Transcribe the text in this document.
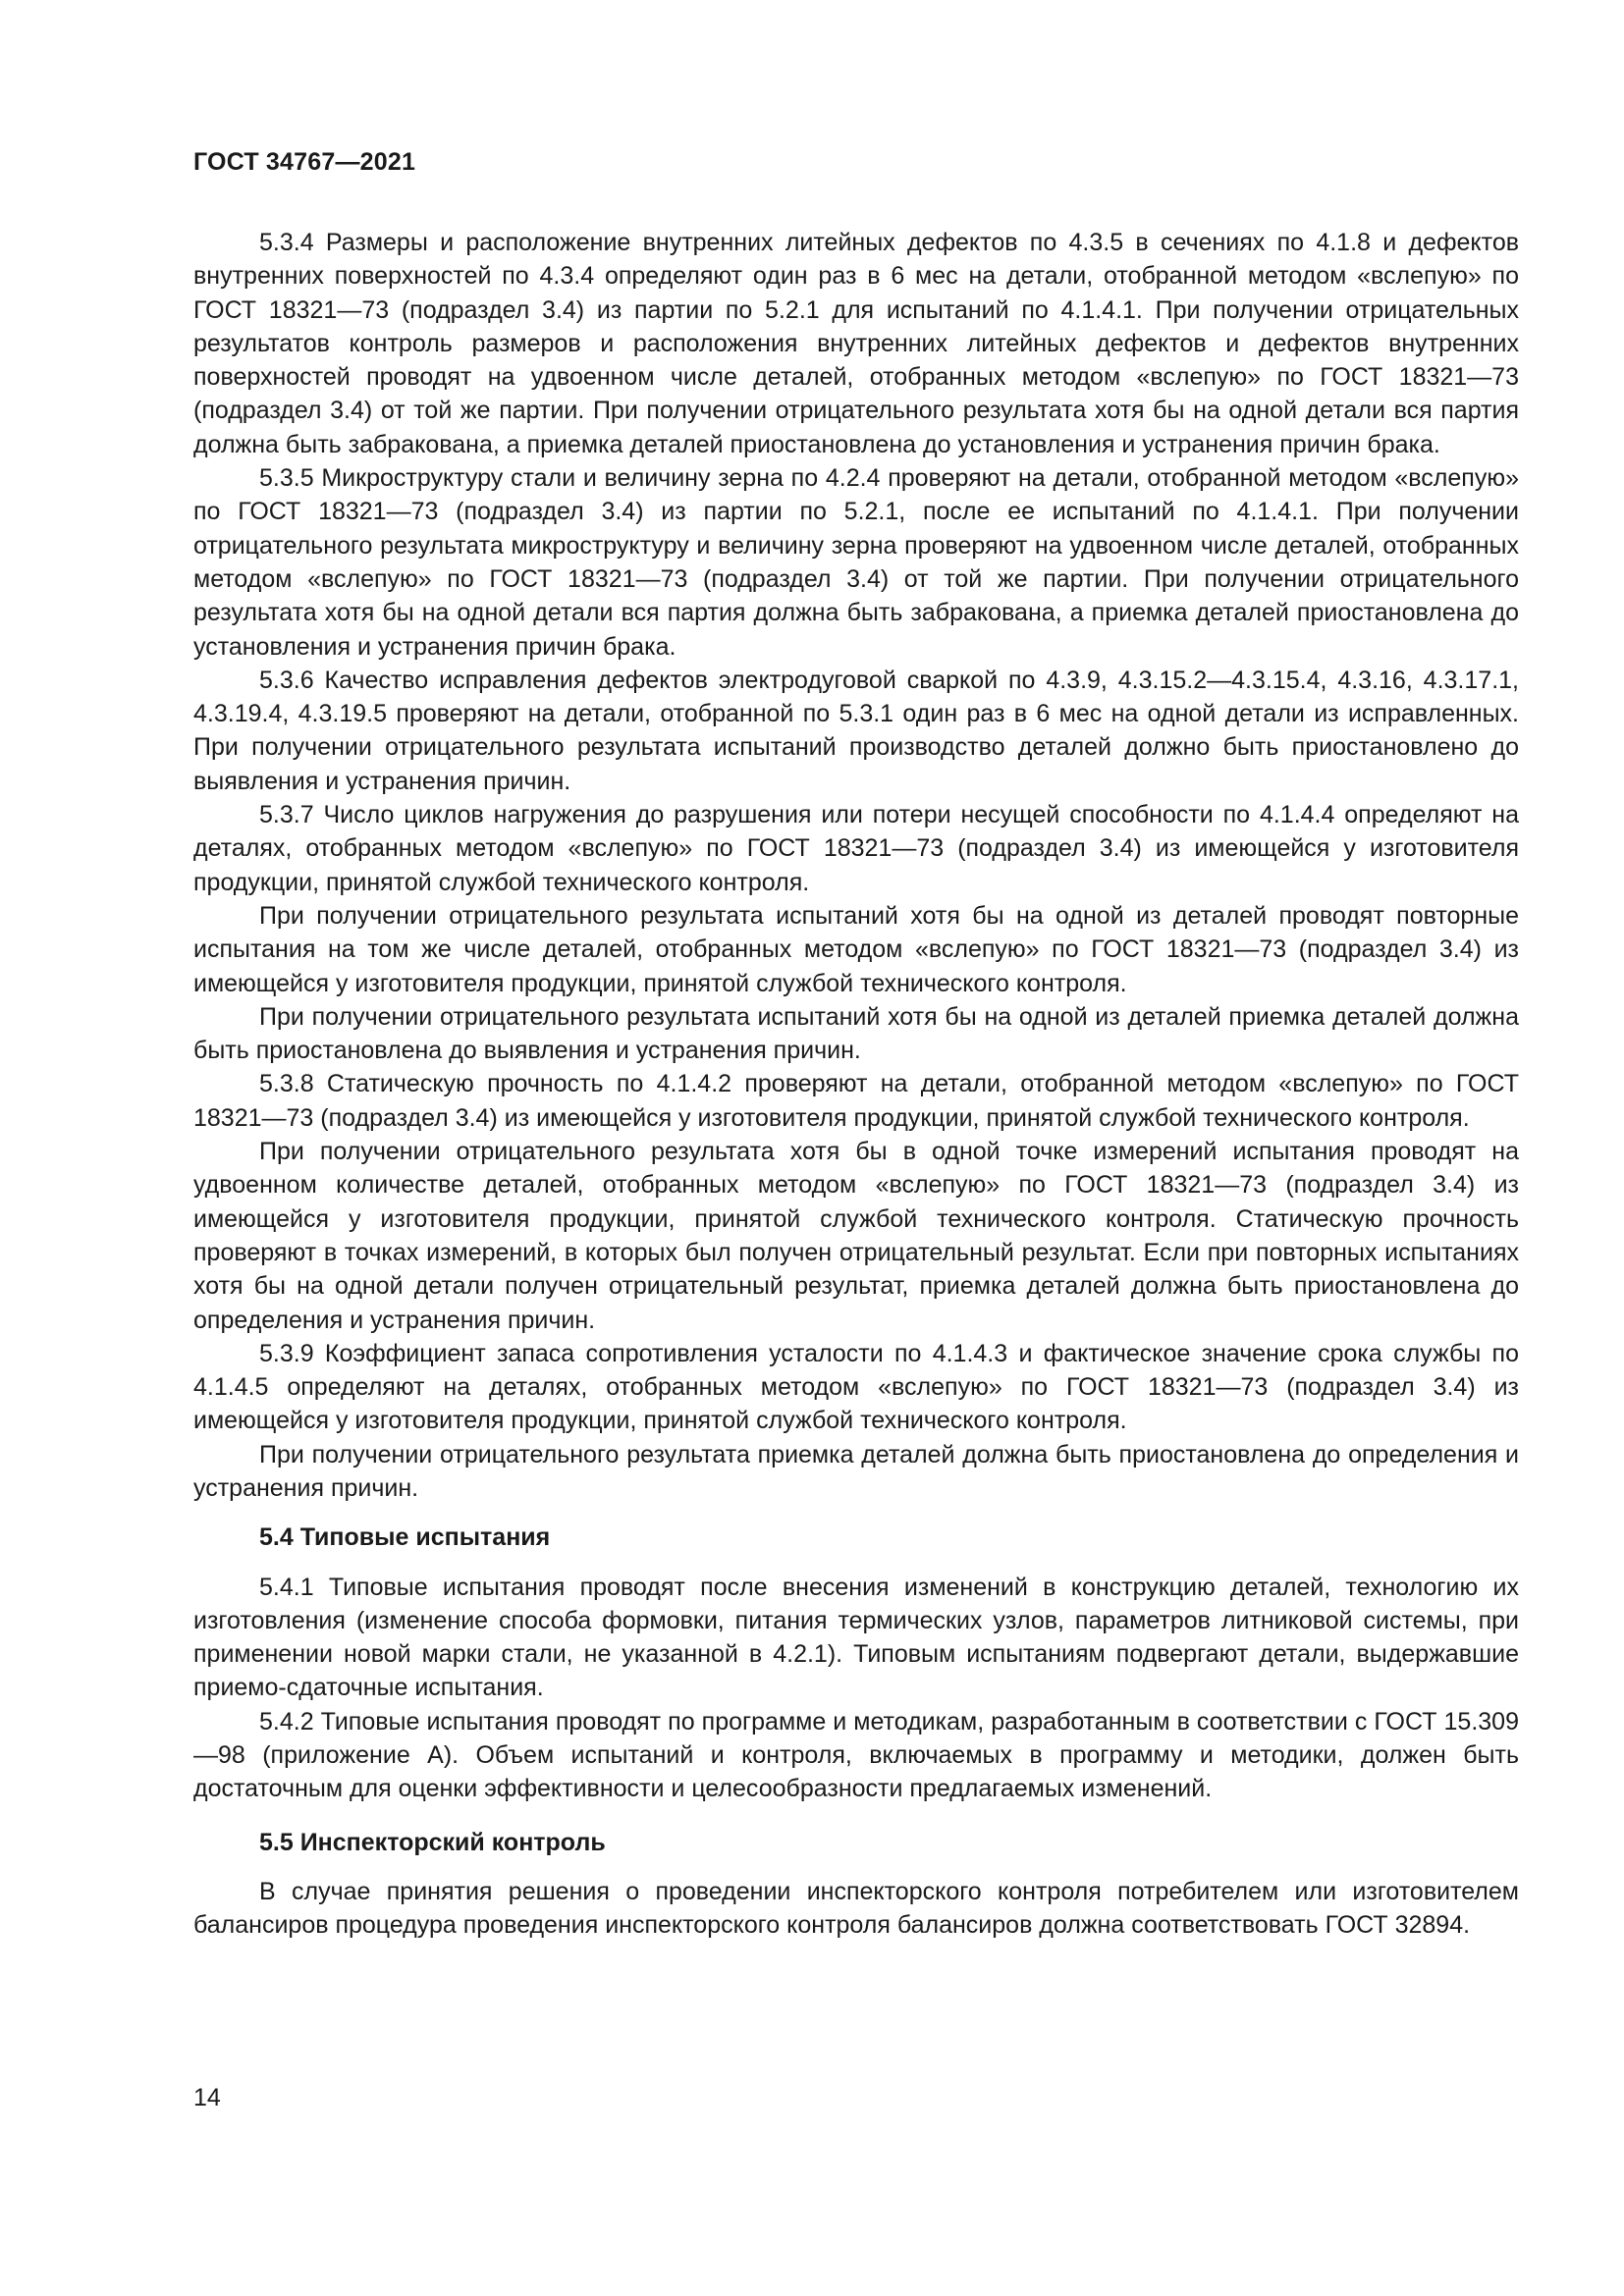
ГОСТ 34767—2021

5.3.4 Размеры и расположение внутренних литейных дефектов по 4.3.5 в сечениях по 4.1.8 и дефектов внутренних поверхностей по 4.3.4 определяют один раз в 6 мес на детали, отобранной методом «вслепую» по ГОСТ 18321—73 (подраздел 3.4) из партии по 5.2.1 для испытаний по 4.1.4.1. При получении отрицательных результатов контроль размеров и расположения внутренних литейных дефектов и дефектов внутренних поверхностей проводят на удвоенном числе деталей, отобранных методом «вслепую» по ГОСТ 18321—73 (подраздел 3.4) от той же партии. При получении отрицательного результата хотя бы на одной детали вся партия должна быть забракована, а приемка деталей приостановлена до установления и устранения причин брака.

5.3.5 Микроструктуру стали и величину зерна по 4.2.4 проверяют на детали, отобранной методом «вслепую» по ГОСТ 18321—73 (подраздел 3.4) из партии по 5.2.1, после ее испытаний по 4.1.4.1. При получении отрицательного результата микроструктуру и величину зерна проверяют на удвоенном числе деталей, отобранных методом «вслепую» по ГОСТ 18321—73 (подраздел 3.4) от той же партии. При получении отрицательного результата хотя бы на одной детали вся партия должна быть забракована, а приемка деталей приостановлена до установления и устранения причин брака.

5.3.6 Качество исправления дефектов электродуговой сваркой по 4.3.9, 4.3.15.2—4.3.15.4, 4.3.16, 4.3.17.1, 4.3.19.4, 4.3.19.5 проверяют на детали, отобранной по 5.3.1 один раз в 6 мес на одной детали из исправленных. При получении отрицательного результата испытаний производство деталей должно быть приостановлено до выявления и устранения причин.

5.3.7 Число циклов нагружения до разрушения или потери несущей способности по 4.1.4.4 определяют на деталях, отобранных методом «вслепую» по ГОСТ 18321—73 (подраздел 3.4) из имеющейся у изготовителя продукции, принятой службой технического контроля.

При получении отрицательного результата испытаний хотя бы на одной из деталей проводят повторные испытания на том же числе деталей, отобранных методом «вслепую» по ГОСТ 18321—73 (подраздел 3.4) из имеющейся у изготовителя продукции, принятой службой технического контроля.

При получении отрицательного результата испытаний хотя бы на одной из деталей приемка деталей должна быть приостановлена до выявления и устранения причин.

5.3.8 Статическую прочность по 4.1.4.2 проверяют на детали, отобранной методом «вслепую» по ГОСТ 18321—73 (подраздел 3.4) из имеющейся у изготовителя продукции, принятой службой технического контроля.

При получении отрицательного результата хотя бы в одной точке измерений испытания проводят на удвоенном количестве деталей, отобранных методом «вслепую» по ГОСТ 18321—73 (подраздел 3.4) из имеющейся у изготовителя продукции, принятой службой технического контроля. Статическую прочность проверяют в точках измерений, в которых был получен отрицательный результат. Если при повторных испытаниях хотя бы на одной детали получен отрицательный результат, приемка деталей должна быть приостановлена до определения и устранения причин.

5.3.9 Коэффициент запаса сопротивления усталости по 4.1.4.3 и фактическое значение срока службы по 4.1.4.5 определяют на деталях, отобранных методом «вслепую» по ГОСТ 18321—73 (подраздел 3.4) из имеющейся у изготовителя продукции, принятой службой технического контроля.

При получении отрицательного результата приемка деталей должна быть приостановлена до определения и устранения причин.

5.4 Типовые испытания

5.4.1 Типовые испытания проводят после внесения изменений в конструкцию деталей, технологию их изготовления (изменение способа формовки, питания термических узлов, параметров литниковой системы, при применении новой марки стали, не указанной в 4.2.1). Типовым испытаниям подвергают детали, выдержавшие приемо-сдаточные испытания.

5.4.2 Типовые испытания проводят по программе и методикам, разработанным в соответствии с ГОСТ 15.309—98 (приложение А). Объем испытаний и контроля, включаемых в программу и методики, должен быть достаточным для оценки эффективности и целесообразности предлагаемых изменений.

5.5 Инспекторский контроль

В случае принятия решения о проведении инспекторского контроля потребителем или изготовителем балансиров процедура проведения инспекторского контроля балансиров должна соответствовать ГОСТ 32894.

14
